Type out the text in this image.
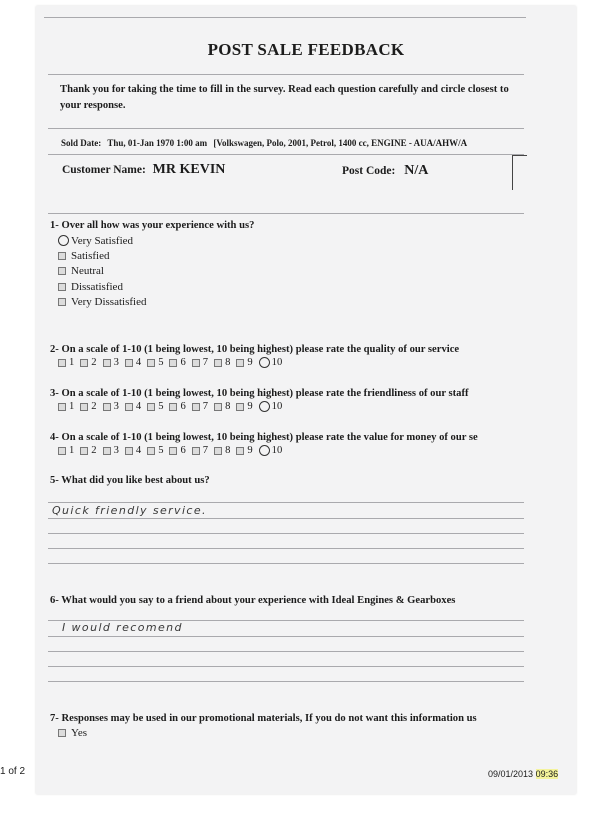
POST SALE FEEDBACK
Thank you for taking the time to fill in the survey. Read each question carefully and circle closest to your response.
Sold Date: Thu, 01-Jan 1970 1:00 am [Volkswagen, Polo, 2001, Petrol, 1400 cc, ENGINE - AUA/AHW/A
Customer Name: MR KEVIN	Post Code: N/A
1- Over all how was your experience with us?
Very Satisfied
Satisfied
Neutral
Dissatisfied
Very Dissatisfied
2- On a scale of 1-10 (1 being lowest, 10 being highest) please rate the quality of our service
1 2 3 4 5 6 7 8 9 10
3- On a scale of 1-10 (1 being lowest, 10 being highest) please rate the friendliness of our staff
1 2 3 4 5 6 7 8 9 10
4- On a scale of 1-10 (1 being lowest, 10 being highest) please rate the value for money of our se
1 2 3 4 5 6 7 8 9 10
5- What did you like best about us?
Quick friendly service.
6- What would you say to a friend about your experience with Ideal Engines & Gearboxes
I would recomend
7- Responses may be used in our promotional materials, If you do not want this information us
Yes
1 of 2	09/01/2013 09:36
